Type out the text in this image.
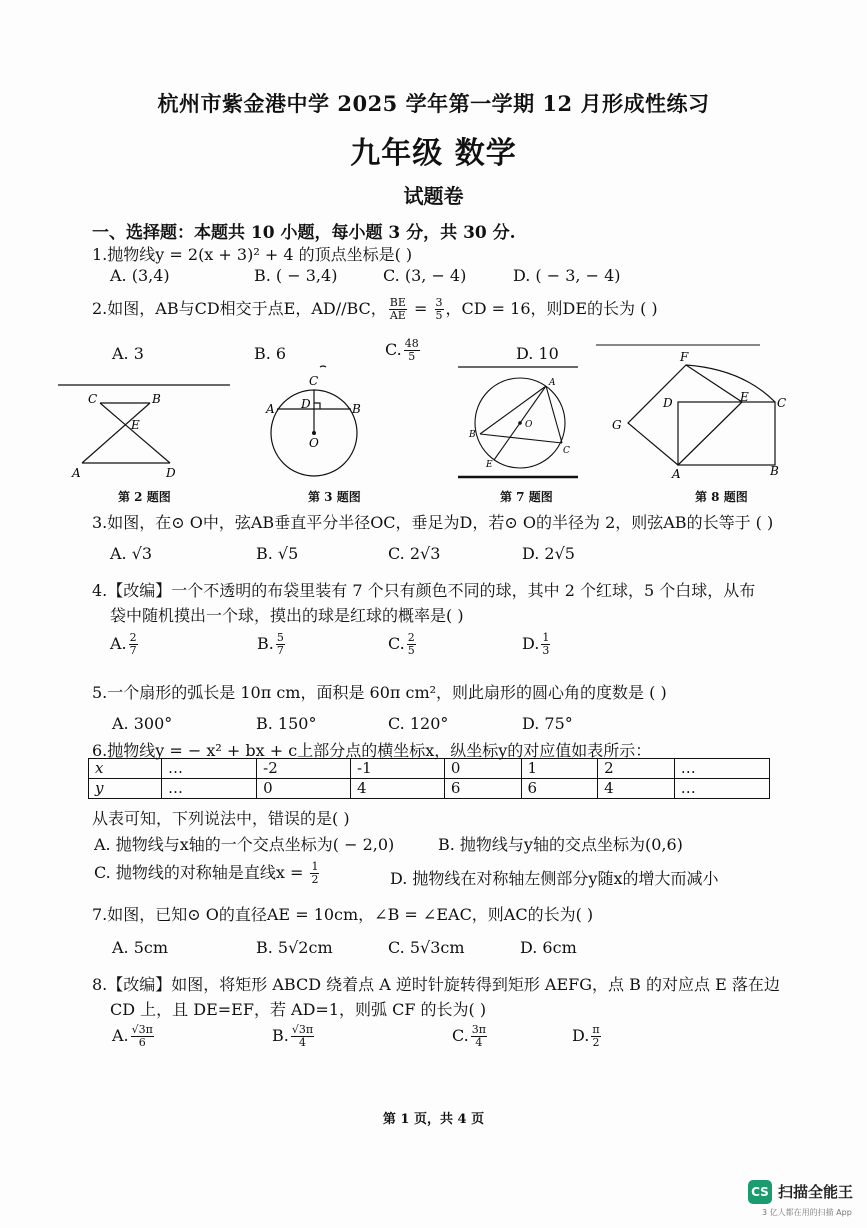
杭州市紫金港中学 2025 学年第一学期 12 月形成性练习
九年级 数学
试题卷
一、选择题：本题共 10 小题，每小题 3 分，共 30 分.
1.抛物线y = 2(x + 3)² + 4 的顶点坐标是( )
A. (3,4)	B. ( − 3,4)	C. (3, − 4)	D. ( − 3, − 4)
2.如图，AB与CD相交于点E，AD//BC， $\frac{BE}{AE} = \frac{3}{5}$ ，CD = 16，则DE的长为 ( )
A. 3	B. 6	C. $\frac{48}{5}$	D. 10
C	B
E
A	D
C
A D	B
O
A
O
B
C
E
F
D	E C
G
A	B
第 2 题图	第 3 题图	第 7 题图	第 8 题图
3.如图，在⊙ O中，弦AB垂直平分半径OC，垂足为D，若⊙ O的半径为 2，则弦AB的长等于 ( )
A. √3	B. √5	C. 2√3	D. 2√5
4.【改编】一个不透明的布袋里装有 7 个只有颜色不同的球，其中 2 个红球，5 个白球，从布
袋中随机摸出一个球，摸出的球是红球的概率是( )
A. $\frac{2}{7}$	B. $\frac{5}{7}$	C. $\frac{2}{5}$	D. $\frac{1}{3}$
5.一个扇形的弧长是 10π cm，面积是 60π cm²，则此扇形的圆心角的度数是 ( )
A. 300°	B. 150°	C. 120°	D. 75°
6.抛物线y = − x² + bx + c上部分点的横坐标x，纵坐标y的对应值如表所示：
x	…	-2	-1	0	1	2	…
y	…	0	4	6	6	4	…
从表可知，下列说法中，错误的是( )
A. 抛物线与x轴的一个交点坐标为( − 2,0)	B. 抛物线与y轴的交点坐标为(0,6)
C. 抛物线的对称轴是直线$x = \frac{1}{2}$	D. 抛物线在对称轴左侧部分y随x的增大而减小
7.如图，已知⊙ O的直径AE = 10cm，∠B = ∠EAC，则AC的长为( )
A. 5cm	B. 5√2cm	C. 5√3cm	D. 6cm
8.【改编】如图，将矩形 ABCD 绕着点 A 逆时针旋转得到矩形 AEFG，点 B 的对应点 E 落在边
CD 上，且 DE=EF，若 AD=1，则弧 CF 的长为( )
A. $\frac{√3\pi}{6}$	B. $\frac{√3\pi}{4}$	C. $\frac{3\pi}{4}$	D. $\frac{\pi}{2}$
第 1 页，共 4 页
CS 扫描全能王
3 亿人都在用的扫描 App
